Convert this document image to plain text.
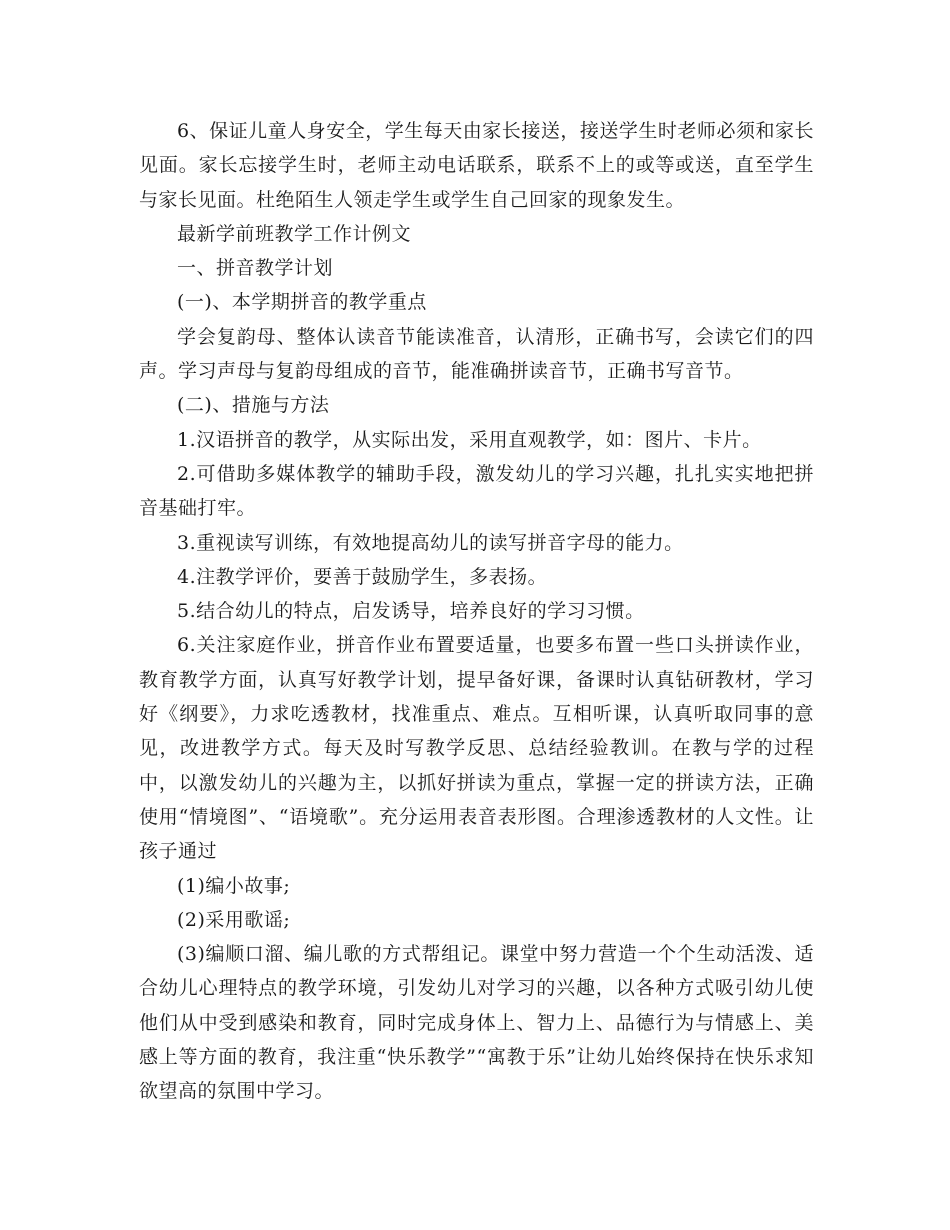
6、保证儿童人身安全，学生每天由家长接送，接送学生时老师必须和家长见面。家长忘接学生时，老师主动电话联系，联系不上的或等或送，直至学生与家长见面。杜绝陌生人领走学生或学生自己回家的现象发生。

最新学前班教学工作计例文

一、拼音教学计划

(一)、本学期拼音的教学重点

学会复韵母、整体认读音节能读准音，认清形，正确书写，会读它们的四声。学习声母与复韵母组成的音节，能准确拼读音节，正确书写音节。

(二)、措施与方法

1.汉语拼音的教学，从实际出发，采用直观教学，如：图片、卡片。

2.可借助多媒体教学的辅助手段，激发幼儿的学习兴趣，扎扎实实地把拼音基础打牢。

3.重视读写训练，有效地提高幼儿的读写拼音字母的能力。

4.注教学评价，要善于鼓励学生，多表扬。

5.结合幼儿的特点，启发诱导，培养良好的学习习惯。

6.关注家庭作业，拼音作业布置要适量，也要多布置一些口头拼读作业，教育教学方面，认真写好教学计划，提早备好课，备课时认真钻研教材，学习好《纲要》，力求吃透教材，找准重点、难点。互相听课，认真听取同事的意见，改进教学方式。每天及时写教学反思、总结经验教训。在教与学的过程中，以激发幼儿的兴趣为主，以抓好拼读为重点，掌握一定的拼读方法，正确使用“情境图”、“语境歌”。充分运用表音表形图。合理渗透教材的人文性。让孩子通过

(1)编小故事;

(2)采用歌谣;

(3)编顺口溜、编儿歌的方式帮组记。课堂中努力营造一个个生动活泼、适合幼儿心理特点的教学环境，引发幼儿对学习的兴趣，以各种方式吸引幼儿使他们从中受到感染和教育，同时完成身体上、智力上、品德行为与情感上、美感上等方面的教育，我注重“快乐教学”“寓教于乐”让幼儿始终保持在快乐求知欲望高的氛围中学习。
